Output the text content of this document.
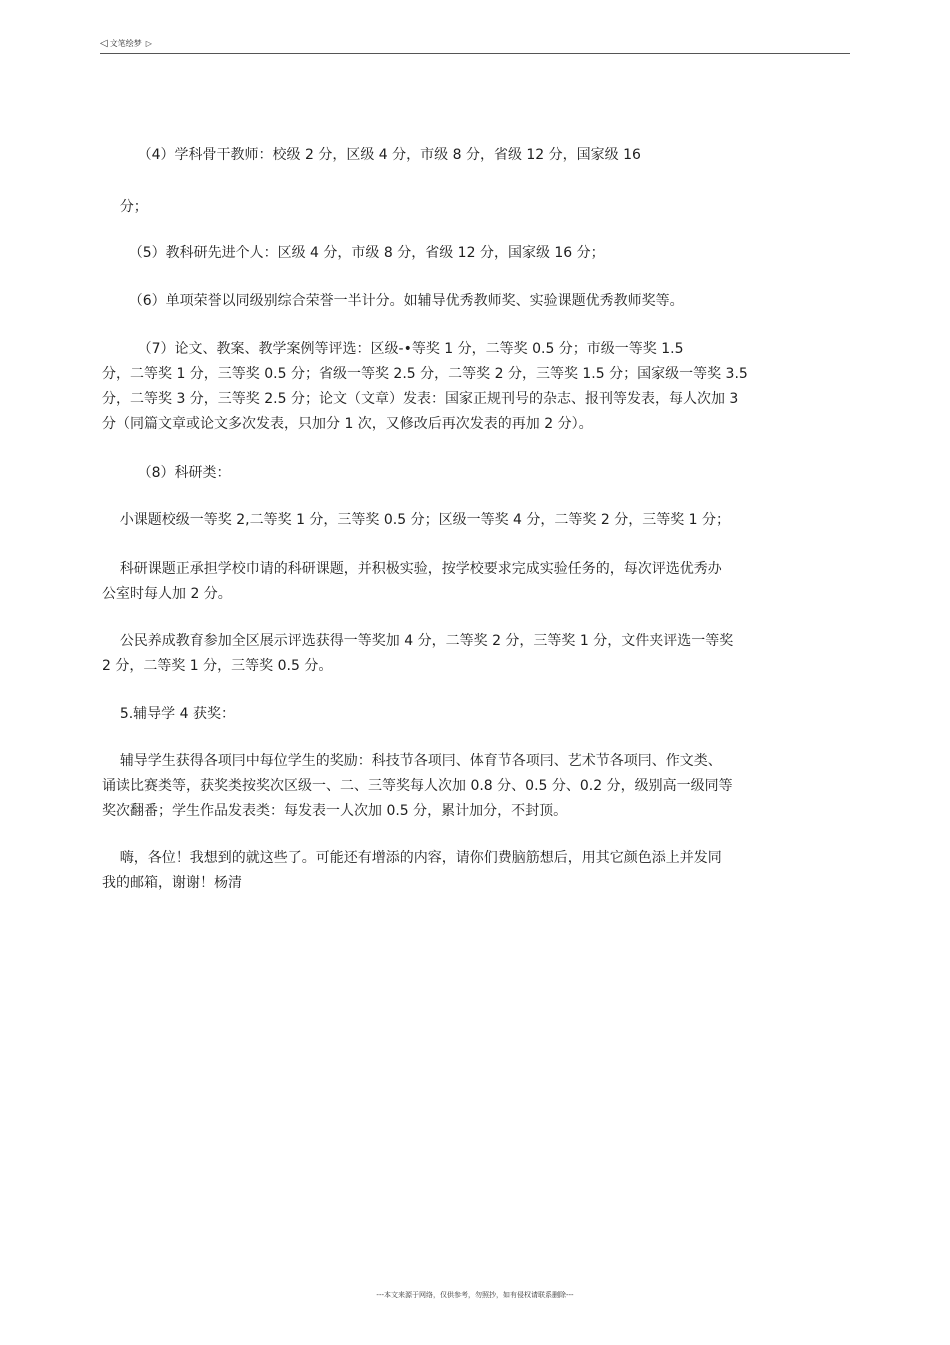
◁ 文笔绘梦 ▷
（4）学科骨干教师：校级 2 分，区级 4 分，市级 8 分，省级 12 分，国家级 16
分；
（5）教科研先进个人：区级 4 分，市级 8 分，省级 12 分，国家级 16 分；
（6）单项荣誉以同级别综合荣誉一半计分。如辅导优秀教师奖、实验课题优秀教师奖等。
（7）论文、教案、教学案例等评选：区级-•等奖 1 分，二等奖 0.5 分；市级一等奖 1.5
分，二等奖 1 分，三等奖 0.5 分；省级一等奖 2.5 分，二等奖 2 分，三等奖 1.5 分；国家级一等奖 3.5
分，二等奖 3 分，三等奖 2.5 分；论文（文章）发表：国家正规刊号的杂志、报刊等发表，每人次加 3
分（同篇文章或论文多次发表，只加分 1 次，又修改后再次发表的再加 2 分）。
（8）科研类：
小课题校级一等奖 2,二等奖 1 分，三等奖 0.5 分；区级一等奖 4 分，二等奖 2 分，三等奖 1 分；
科研课题正承担学校巾请的科研课题，并积极实验，按学校要求完成实验任务的，每次评选优秀办
公室时每人加 2 分。
公民养成教育参加全区展示评选获得一等奖加 4 分，二等奖 2 分，三等奖 1 分，文件夹评选一等奖
2 分，二等奖 1 分，三等奖 0.5 分。
5.辅导学 4 获奖：
辅导学生获得各项冃中每位学生的奖励：科技节各项冃、体育节各项冃、艺术节各项冃、作文类、
诵读比赛类等，获奖类按奖次区级一、二、三等奖每人次加 0.8 分、0.5 分、0.2 分，级别高一级同等
奖次翻番；学生作品发表类：每发表一人次加 0.5 分，累计加分，不封顶。
嗨，各位！我想到的就这些了。可能还有增添的内容，请你们费脑筋想后，用其它颜色添上并发同
我的邮箱，谢谢！杨清
---本文来源于网络，仅供参考，勿照抄，如有侵权请联系删除---
